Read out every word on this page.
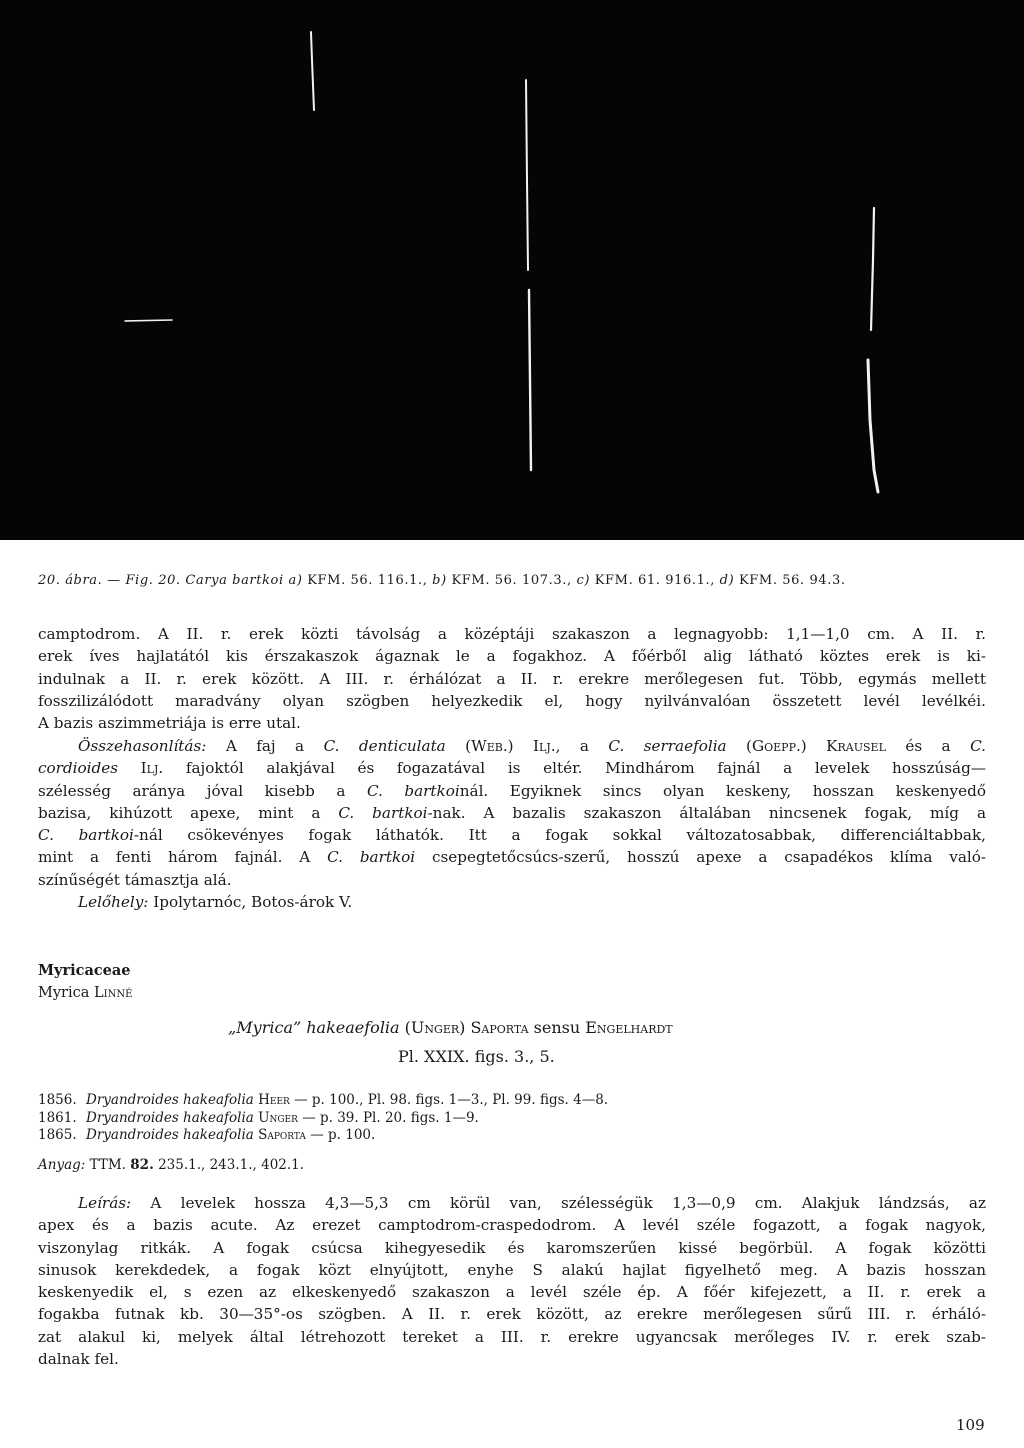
20. ábra. — Fig. 20. Carya bartkoi a) KFM. 56. 116.1., b) KFM. 56. 107.3., c) KFM. 61. 916.1., d) KFM. 56. 94.3.

camptodrom. A II. r. erek közti távolság a középtáji szakaszon a legnagyobb: 1,1—1,0 cm. A II. r.
erek íves hajlatától kis érszakaszok ágaznak le a fogakhoz. A főérből alig látható köztes erek is ki-
indulnak a II. r. erek között. A III. r. érhálózat a II. r. erekre merőlegesen fut. Több, egymás mellett
fosszilizálódott maradvány olyan szögben helyezkedik el, hogy nyilvánvalóan összetett levél levélkéi.
A bazis aszimmetriája is erre utal.

Összehasonlítás: A faj a C. denticulata (Web.) Ilj., a C. serraefolia (Goepp.) Krausel és a C.
cordioides Ilj. fajoktól alakjával és fogazatával is eltér. Mindhárom fajnál a levelek hosszúság—
szélesség aránya jóval kisebb a C. bartkoinál. Egyiknek sincs olyan keskeny, hosszan keskenyedő
bazisa, kihúzott apexe, mint a C. bartkoi-nak. A bazalis szakaszon általában nincsenek fogak, míg a
C. bartkoi-nál csökevényes fogak láthatók. Itt a fogak sokkal változatosabbak, differenciáltabbak,
mint a fenti három fajnál. A C. bartkoi csepegtetőcsúcs-szerű, hosszú apexe a csapadékos klíma való-
színűségét támasztja alá.
Lelőhely: Ipolytarnóc, Botos-árok V.

Myricaceae
Myrica Linné
„Myrica” hakeaefolia (Unger) Saporta sensu Engelhardt
Pl. XXIX. figs. 3., 5.
1856. Dryandroides hakeafolia Heer — p. 100., Pl. 98. figs. 1—3., Pl. 99. figs. 4—8.
1861. Dryandroides hakeafolia Unger — p. 39. Pl. 20. figs. 1—9.
1865. Dryandroides hakeafolia Saporta — p. 100.
Anyag: TTM. 82. 235.1., 243.1., 402.1.

Leírás: A levelek hossza 4,3—5,3 cm körül van, szélességük 1,3—0,9 cm. Alakjuk lándzsás, az
apex és a bazis acute. Az erezet camptodrom-craspedodrom. A levél széle fogazott, a fogak nagyok,
viszonylag ritkák. A fogak csúcsa kihegyesedik és karomszerűen kissé begörbül. A fogak közötti
sinusok kerekdedek, a fogak közt elnyújtott, enyhe S alakú hajlat figyelhető meg. A bazis hosszan
keskenyedik el, s ezen az elkeskenyedő szakaszon a levél széle ép. A főér kifejezett, a II. r. erek a
fogakba futnak kb. 30—35°-os szögben. A II. r. erek között, az erekre merőlegesen sűrű III. r. érháló-
zat alakul ki, melyek által létrehozott tereket a III. r. erekre ugyancsak merőleges IV. r. erek szab-
dalnak fel.

109
